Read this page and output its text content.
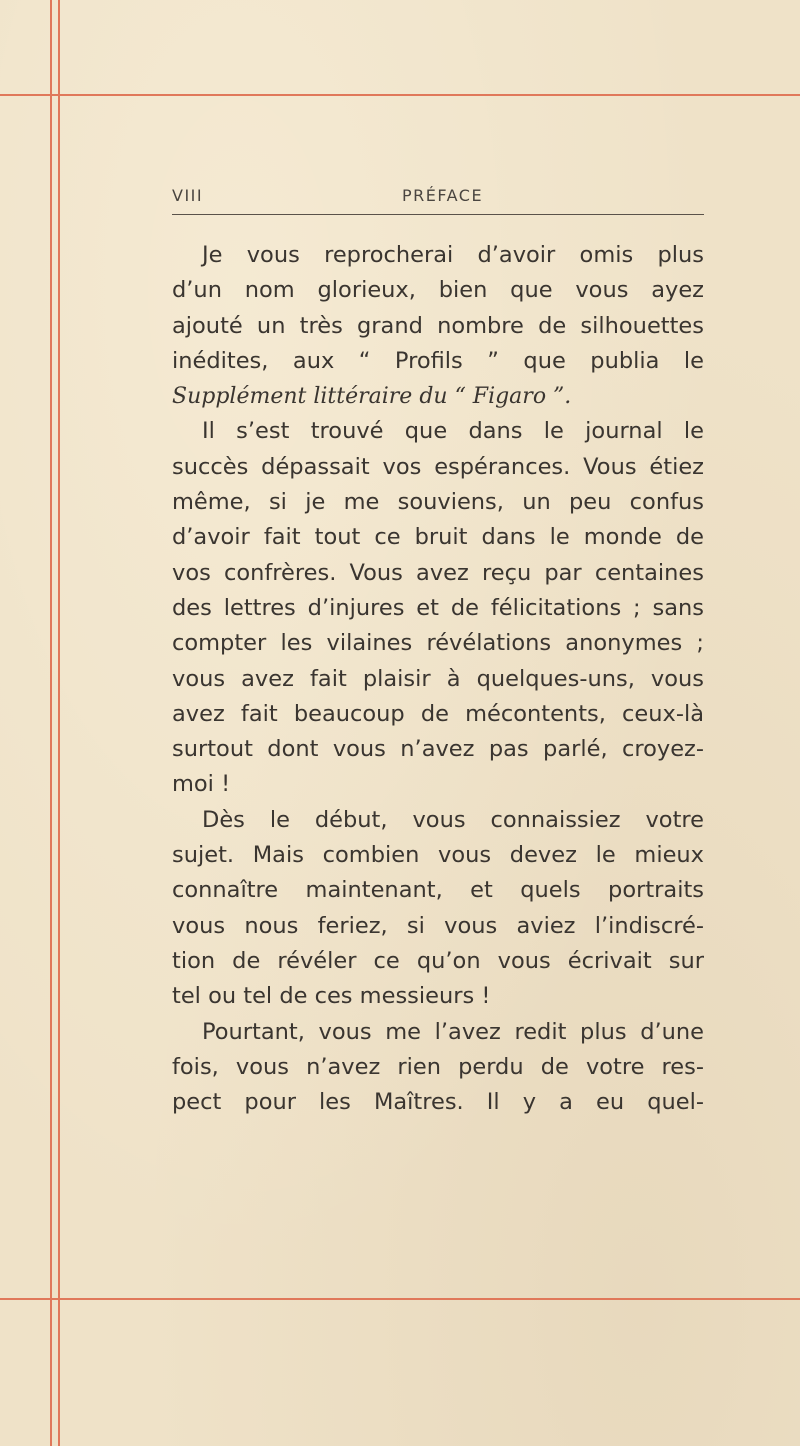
VIII	PRÉFACE
Je vous reprocherai d’avoir omis plus
d’un nom glorieux, bien que vous ayez
ajouté un très grand nombre de silhouettes
inédites, aux “ Profils ” que publia le
Supplément littéraire du “ Figaro ”.
Il s’est trouvé que dans le journal le
succès dépassait vos espérances. Vous étiez
même, si je me souviens, un peu confus
d’avoir fait tout ce bruit dans le monde de
vos confrères. Vous avez reçu par centaines
des lettres d’injures et de félicitations ; sans
compter les vilaines révélations anonymes ;
vous avez fait plaisir à quelques-uns, vous
avez fait beaucoup de mécontents, ceux-là
surtout dont vous n’avez pas parlé, croyez-
moi !
Dès le début, vous connaissiez votre
sujet. Mais combien vous devez le mieux
connaître maintenant, et quels portraits
vous nous feriez, si vous aviez l’indiscré-
tion de révéler ce qu’on vous écrivait sur
tel ou tel de ces messieurs !
Pourtant, vous me l’avez redit plus d’une
fois, vous n’avez rien perdu de votre res-
pect pour les Maîtres. Il y a eu quel-
